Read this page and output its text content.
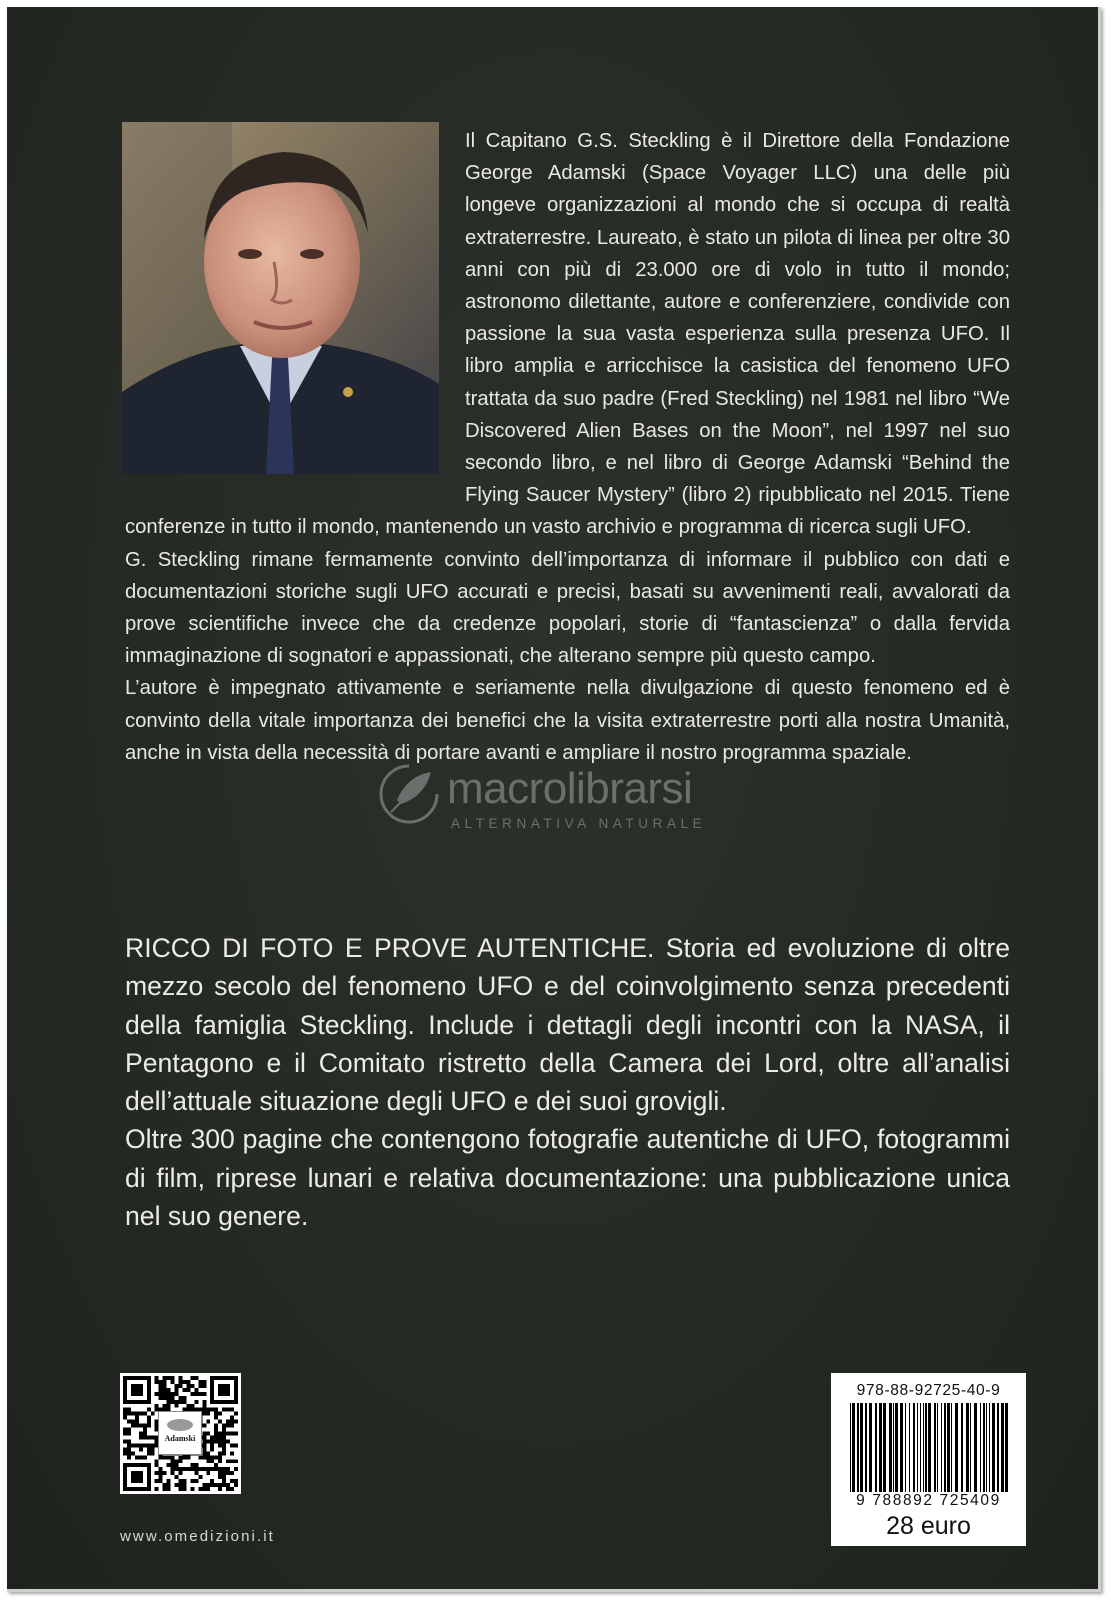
macrolibrarsi
ALTERNATIVA NATURALE

Il Capitano G.S. Steckling è il Direttore della Fondazione George Adamski (Space Voyager LLC) una delle più longeve organizzazioni al mondo che si occupa di realtà extraterrestre. Laureato, è stato un pilota di linea per oltre 30 anni con più di 23.000 ore di volo in tutto il mondo; astronomo dilettante, autore e conferenziere, condivide con passione la sua vasta esperienza sulla presenza UFO. Il libro amplia e arricchisce la casistica del fenomeno UFO trattata da suo padre (Fred Steckling) nel 1981 nel libro “We Discovered Alien Bases on the Moon”, nel 1997 nel suo secondo libro, e nel libro di George Adamski “Behind the Flying Saucer Mystery” (libro 2) ripubblicato nel 2015. Tiene conferenze in tutto il mondo, mantenendo un vasto archivio e programma di ricerca sugli UFO.

G. Steckling rimane fermamente convinto dell’importanza di informare il pubblico con dati e documentazioni storiche sugli UFO accurati e precisi, basati su avvenimenti reali, avvalorati da prove scientifiche invece che da credenze popolari, storie di “fantascienza” o dalla fervida immaginazione di sognatori e appassionati, che alterano sempre più questo campo.

L’autore è impegnato attivamente e seriamente nella divulgazione di questo fenomeno ed è convinto della vitale importanza dei benefici che la visita extraterrestre porti alla nostra Umanità, anche in vista della necessità di portare avanti e ampliare il nostro programma spaziale.

RICCO DI FOTO E PROVE AUTENTICHE. Storia ed evoluzione di oltre mezzo secolo del fenomeno UFO e del coinvolgimento senza precedenti della famiglia Steckling. Include i dettagli degli incontri con la NASA, il Pentagono e il Comitato ristretto della Camera dei Lord, oltre all’analisi dell’attuale situazione degli UFO e dei suoi grovigli.

Oltre 300 pagine che contengono fotografie autentiche di UFO, fotogrammi di film, riprese lunari e relativa documentazione: una pubblicazione unica nel suo genere.

Adamski
www.omedizioni.it
978-88-92725-40-9
9 788892 725409
28 euro
